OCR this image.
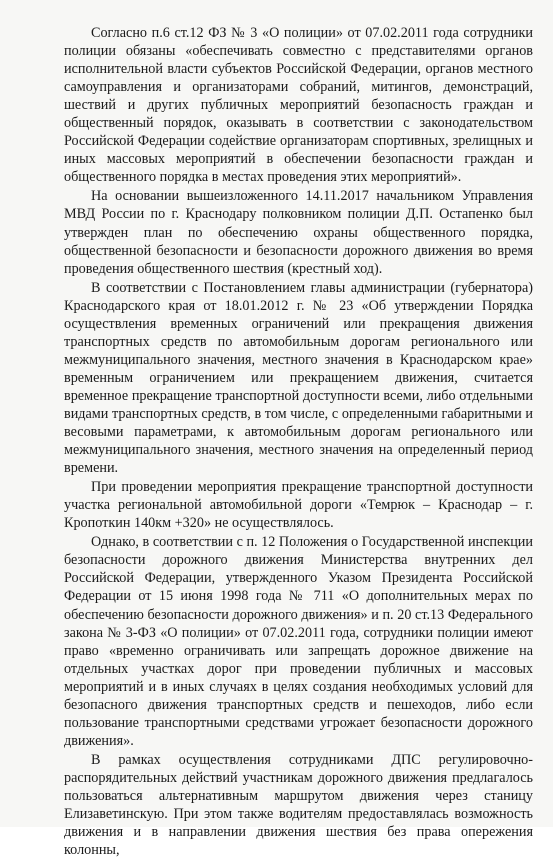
Согласно п.6 ст.12 ФЗ № 3 «О полиции» от 07.02.2011 года сотрудники полиции обязаны «обеспечивать совместно с представителями органов исполнительной власти субъектов Российской Федерации, органов местного самоуправления и организаторами собраний, митингов, демонстраций, шествий и других публичных мероприятий безопасность граждан и общественный порядок, оказывать в соответствии с законодательством Российской Федерации содействие организаторам спортивных, зрелищных и иных массовых мероприятий в обеспечении безопасности граждан и общественного порядка в местах проведения этих мероприятий».

На основании вышеизложенного 14.11.2017 начальником Управления МВД России по г. Краснодару полковником полиции Д.П. Остапенко был утвержден план по обеспечению охраны общественного порядка, общественной безопасности и безопасности дорожного движения во время проведения общественного шествия (крестный ход).

В соответствии с Постановлением главы администрации (губернатора) Краснодарского края от 18.01.2012 г. № 23 «Об утверждении Порядка осуществления временных ограничений или прекращения движения транспортных средств по автомобильным дорогам регионального или межмуниципального значения, местного значения в Краснодарском крае» временным ограничением или прекращением движения, считается временное прекращение транспортной доступности всеми, либо отдельными видами транспортных средств, в том числе, с определенными габаритными и весовыми параметрами, к автомобильным дорогам регионального или межмуниципального значения, местного значения на определенный период времени.

При проведении мероприятия прекращение транспортной доступности участка региональной автомобильной дороги «Темрюк – Краснодар – г. Кропоткин 140км +320» не осуществлялось.

Однако, в соответствии с п. 12 Положения о Государственной инспекции безопасности дорожного движения Министерства внутренних дел Российской Федерации, утвержденного Указом Президента Российской Федерации от 15 июня 1998 года № 711 «О дополнительных мерах по обеспечению безопасности дорожного движения» и п. 20 ст.13 Федерального закона № 3-ФЗ «О полиции» от 07.02.2011 года, сотрудники полиции имеют право «временно ограничивать или запрещать дорожное движение на отдельных участках дорог при проведении публичных и массовых мероприятий и в иных случаях в целях создания необходимых условий для безопасного движения транспортных средств и пешеходов, либо если пользование транспортными средствами угрожает безопасности дорожного движения».

В рамках осуществления сотрудниками ДПС регулировочно-распорядительных действий участникам дорожного движения предлагалось пользоваться альтернативным маршрутом движения через станицу Елизаветинскую. При этом также водителям предоставлялась возможность движения и в направлении движения шествия без права опережения колонны,
